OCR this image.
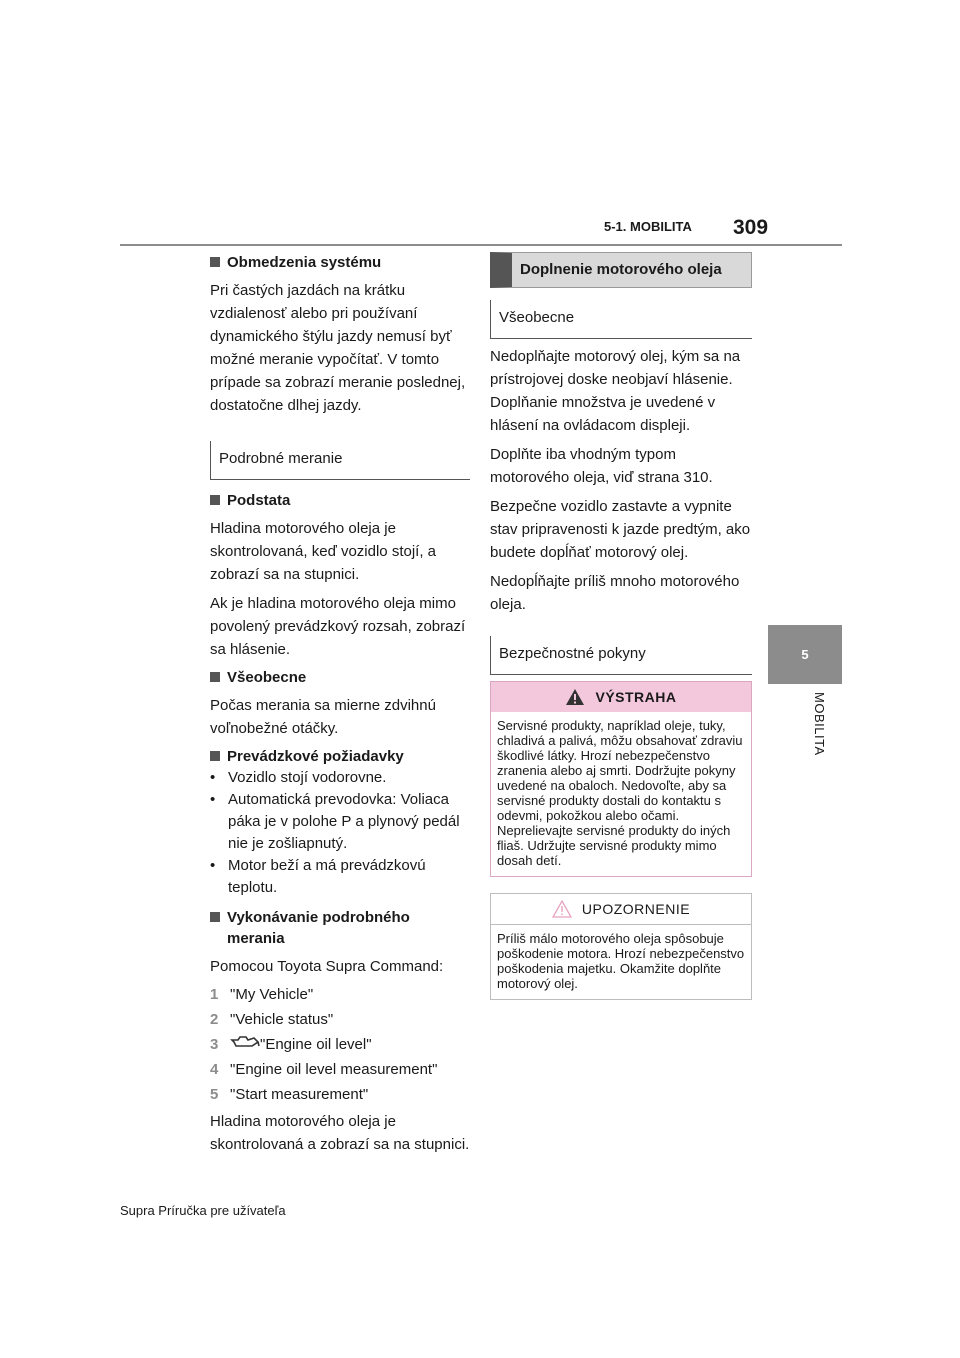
5-1. MOBILITA 309
5
MOBILITA
Obmedzenia systému
Pri častých jazdách na krátku vzdialenosť alebo pri používaní dynamického štýlu jazdy nemusí byť možné meranie vypočítať. V tomto prípade sa zobrazí meranie poslednej, dostatočne dlhej jazdy.
Podrobné meranie
Podstata
Hladina motorového oleja je skontrolovaná, keď vozidlo stojí, a zobrazí sa na stupnici.
Ak je hladina motorového oleja mimo povolený prevádzkový rozsah, zobrazí sa hlásenie.
Všeobecne
Počas merania sa mierne zdvihnú voľnobežné otáčky.
Prevádzkové požiadavky
• Vozidlo stojí vodorovne.
• Automatická prevodovka: Voliaca páka je v polohe P a plynový pedál nie je zošliapnutý.
• Motor beží a má prevádzkovú teplotu.
Vykonávanie podrobného merania
Pomocou Toyota Supra Command:
1 "My Vehicle"
2 "Vehicle status"
3	"Engine oil level"
4 "Engine oil level measurement"
5 "Start measurement"
Hladina motorového oleja je skontrolovaná a zobrazí sa na stupnici.
Doplnenie motorového oleja
Všeobecne
Nedoplňajte motorový olej, kým sa na prístrojovej doske neobjaví hlásenie. Doplňanie množstva je uvedené v hlásení na ovládacom displeji.
Doplňte iba vhodným typom motorového oleja, viď strana 310.
Bezpečne vozidlo zastavte a vypnite stav pripravenosti k jazde predtým, ako budete dopĺňať motorový olej.
Nedopĺňajte príliš mnoho motorového oleja.
Bezpečnostné pokyny
VÝSTRAHA
Servisné produkty, napríklad oleje, tuky, chladivá a palivá, môžu obsahovať zdraviu škodlivé látky. Hrozí nebezpečenstvo zranenia alebo aj smrti. Dodržujte pokyny uvedené na obaloch. Nedovoľte, aby sa servisné produkty dostali do kontaktu s odevmi, pokožkou alebo očami. Neprelievajte servisné produkty do iných fliaš. Udržujte servisné produkty mimo dosah detí.
UPOZORNENIE
Príliš málo motorového oleja spôsobuje poškodenie motora. Hrozí nebezpečenstvo poškodenia majetku. Okamžite doplňte motorový olej.
Supra Príručka pre užívateľa
